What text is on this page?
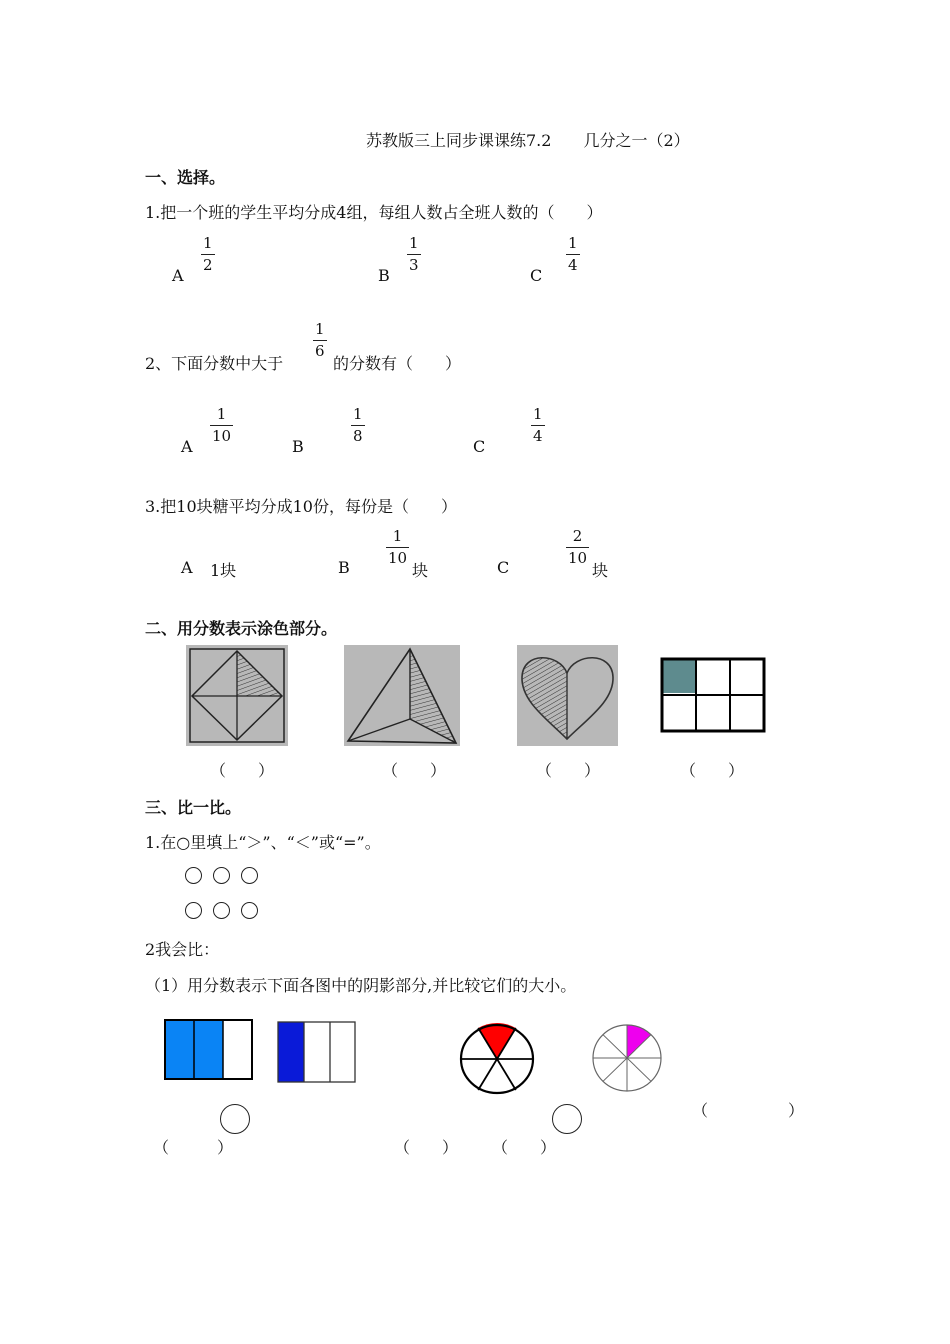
苏教版三上同步课课练7.2　　几分之一（2）
一、选择。
1.把一个班的学生平均分成4组，每组人数占全班人数的（　　）
A
$\frac{1}{2}$
B
$\frac{1}{3}$
C
$\frac{1}{4}$
2、下面分数中大于
$\frac{1}{6}$
的分数有（　　）
A
$\frac{1}{10}$
B
$\frac{1}{8}$
C
$\frac{1}{4}$
3.把10块糖平均分成10份，每份是（　　）
A 1块	B
$\frac{1}{10}$
块	C
$\frac{2}{10}$
块
二、用分数表示涂色部分。
（　　）	（　　）	（　　）	（　　）
三、比一比。
1.在○里填上“＞”、“＜”或“=”。
2我会比：
（1）用分数表示下面各图中的阴影部分,并比较它们的大小。
（　　　）	（　　） （　　）
（　　　　　）
